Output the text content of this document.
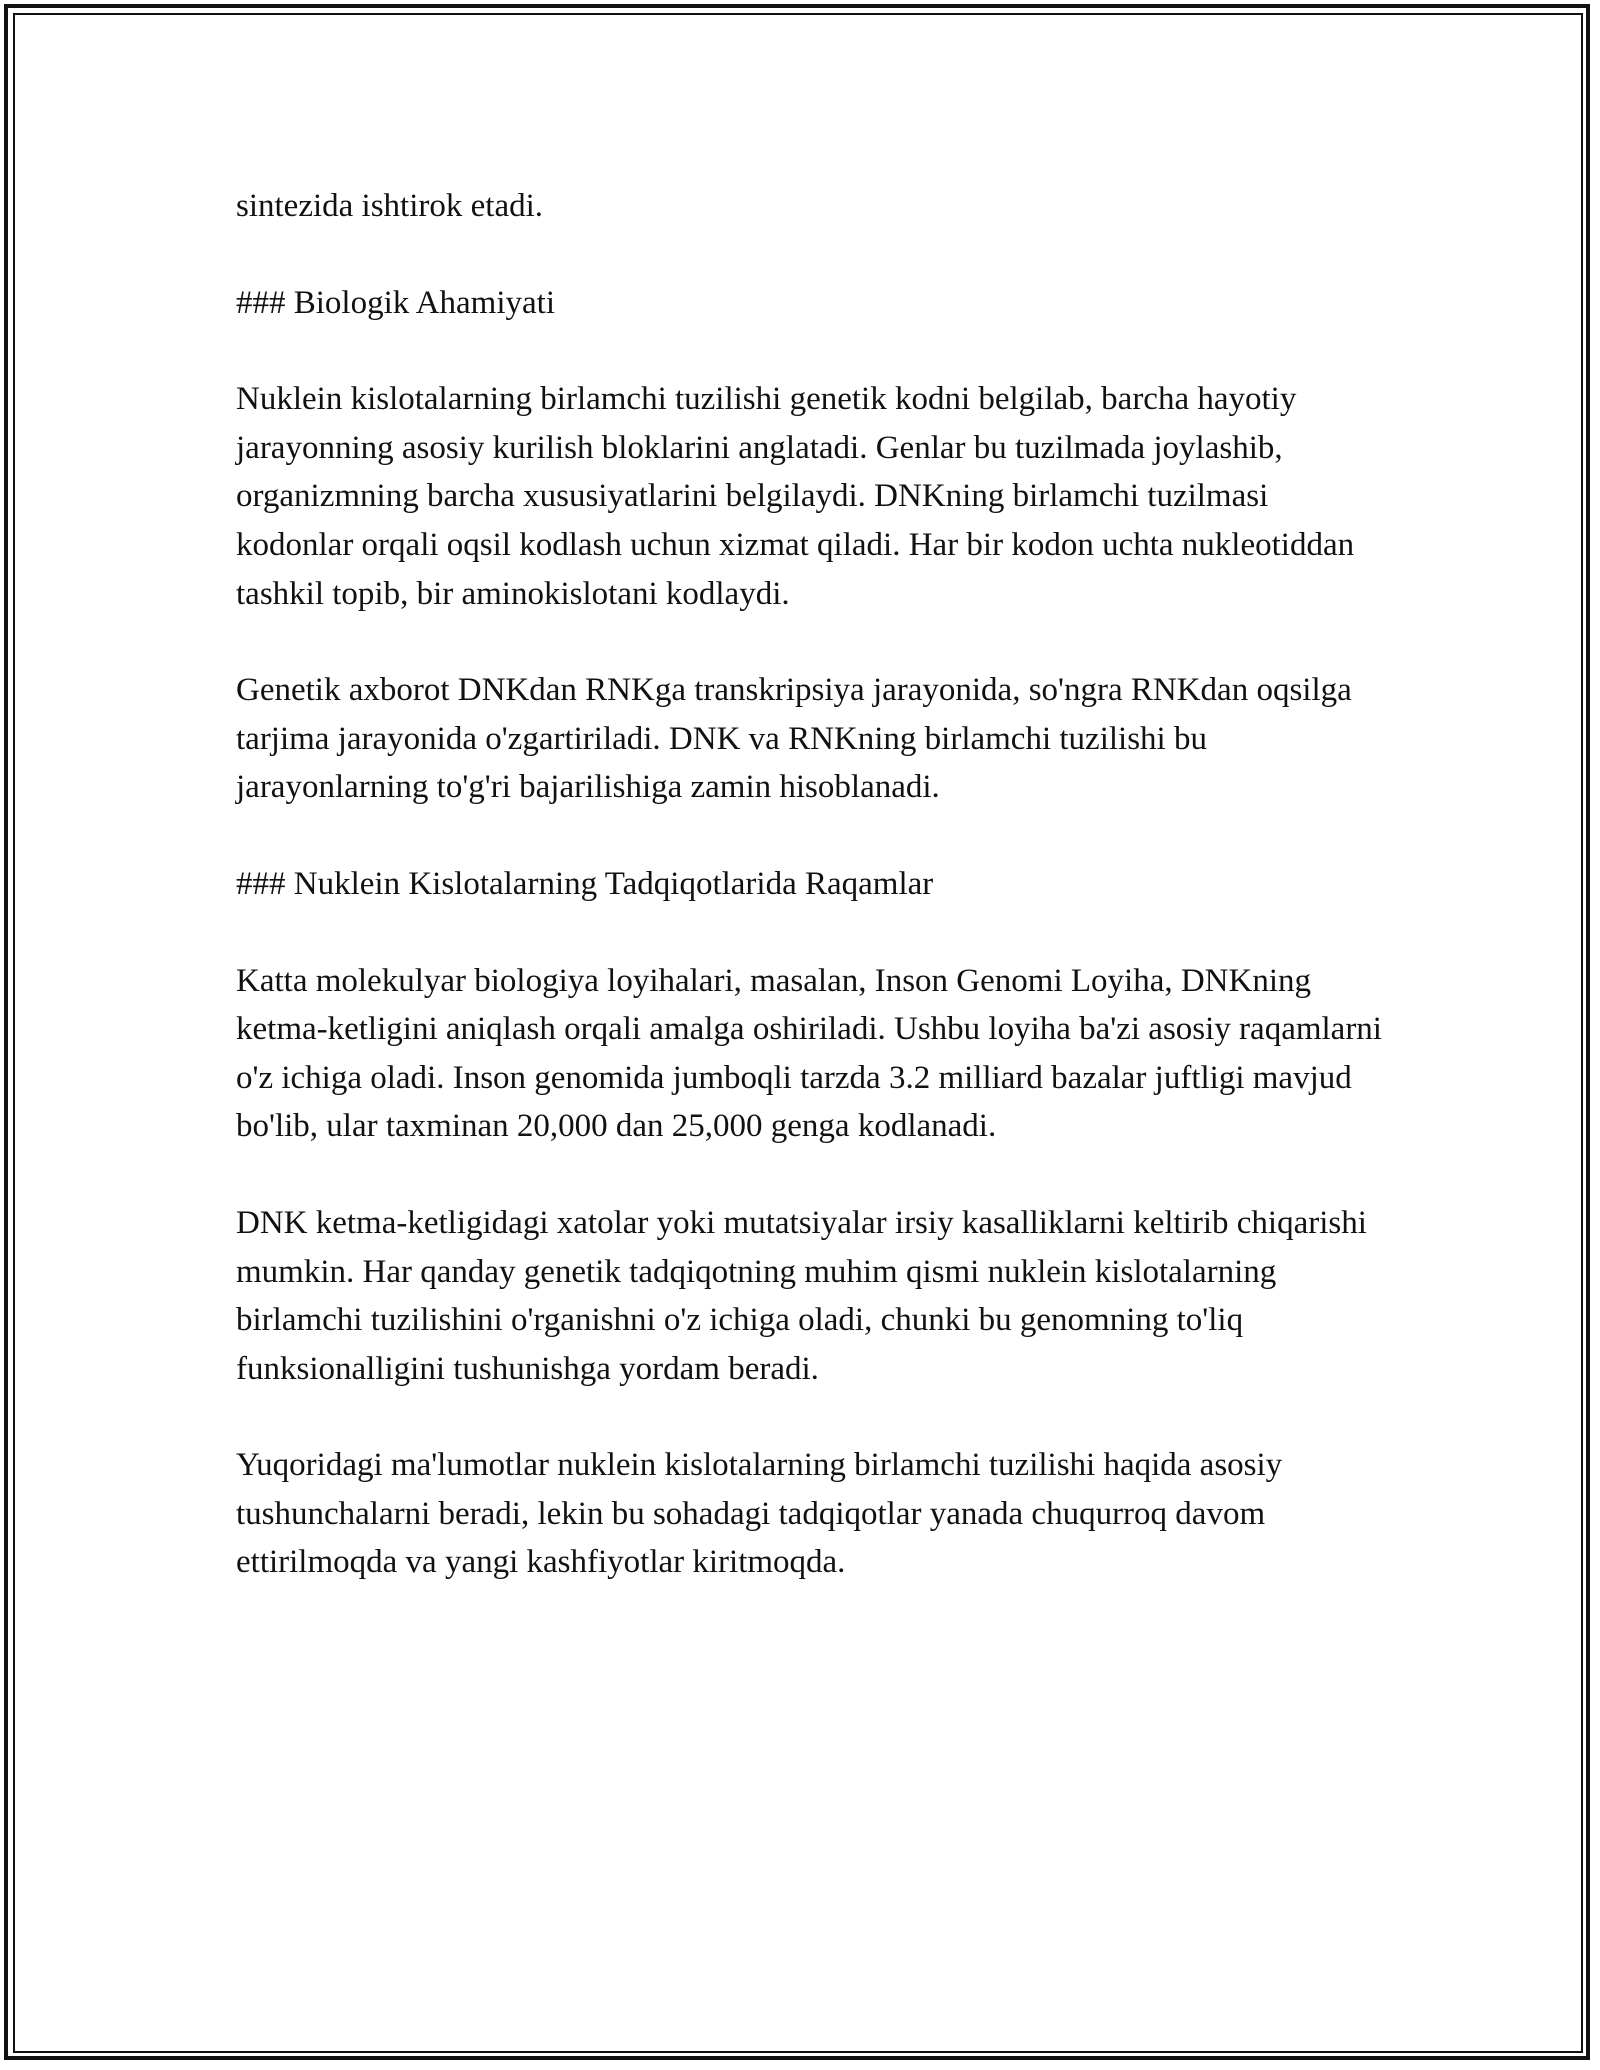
sintezida ishtirok etadi.

### Biologik Ahamiyati

Nuklein kislotalarning birlamchi tuzilishi genetik kodni belgilab, barcha hayotiy jarayonning asosiy kurilish bloklarini anglatadi. Genlar bu tuzilmada joylashib, organizmning barcha xususiyatlarini belgilaydi. DNKning birlamchi tuzilmasi kodonlar orqali oqsil kodlash uchun xizmat qiladi. Har bir kodon uchta nukleotiddan tashkil topib, bir aminokislotani kodlaydi.

Genetik axborot DNKdan RNKga transkripsiya jarayonida, so'ngra RNKdan oqsilga tarjima jarayonida o'zgartiriladi. DNK va RNKning birlamchi tuzilishi bu jarayonlarning to'g'ri bajarilishiga zamin hisoblanadi.

### Nuklein Kislotalarning Tadqiqotlarida Raqamlar

Katta molekulyar biologiya loyihalari, masalan, Inson Genomi Loyiha, DNKning ketma-ketligini aniqlash orqali amalga oshiriladi. Ushbu loyiha ba'zi asosiy raqamlarni o'z ichiga oladi. Inson genomida jumboqli tarzda 3.2 milliard bazalar juftligi mavjud bo'lib, ular taxminan 20,000 dan 25,000 genga kodlanadi.

DNK ketma-ketligidagi xatolar yoki mutatsiyalar irsiy kasalliklarni keltirib chiqarishi mumkin. Har qanday genetik tadqiqotning muhim qismi nuklein kislotalarning birlamchi tuzilishini o'rganishni o'z ichiga oladi, chunki bu genomning to'liq funksionalligini tushunishga yordam beradi.

Yuqoridagi ma'lumotlar nuklein kislotalarning birlamchi tuzilishi haqida asosiy tushunchalarni beradi, lekin bu sohadagi tadqiqotlar yanada chuqurroq davom ettirilmoqda va yangi kashfiyotlar kiritmoqda.
